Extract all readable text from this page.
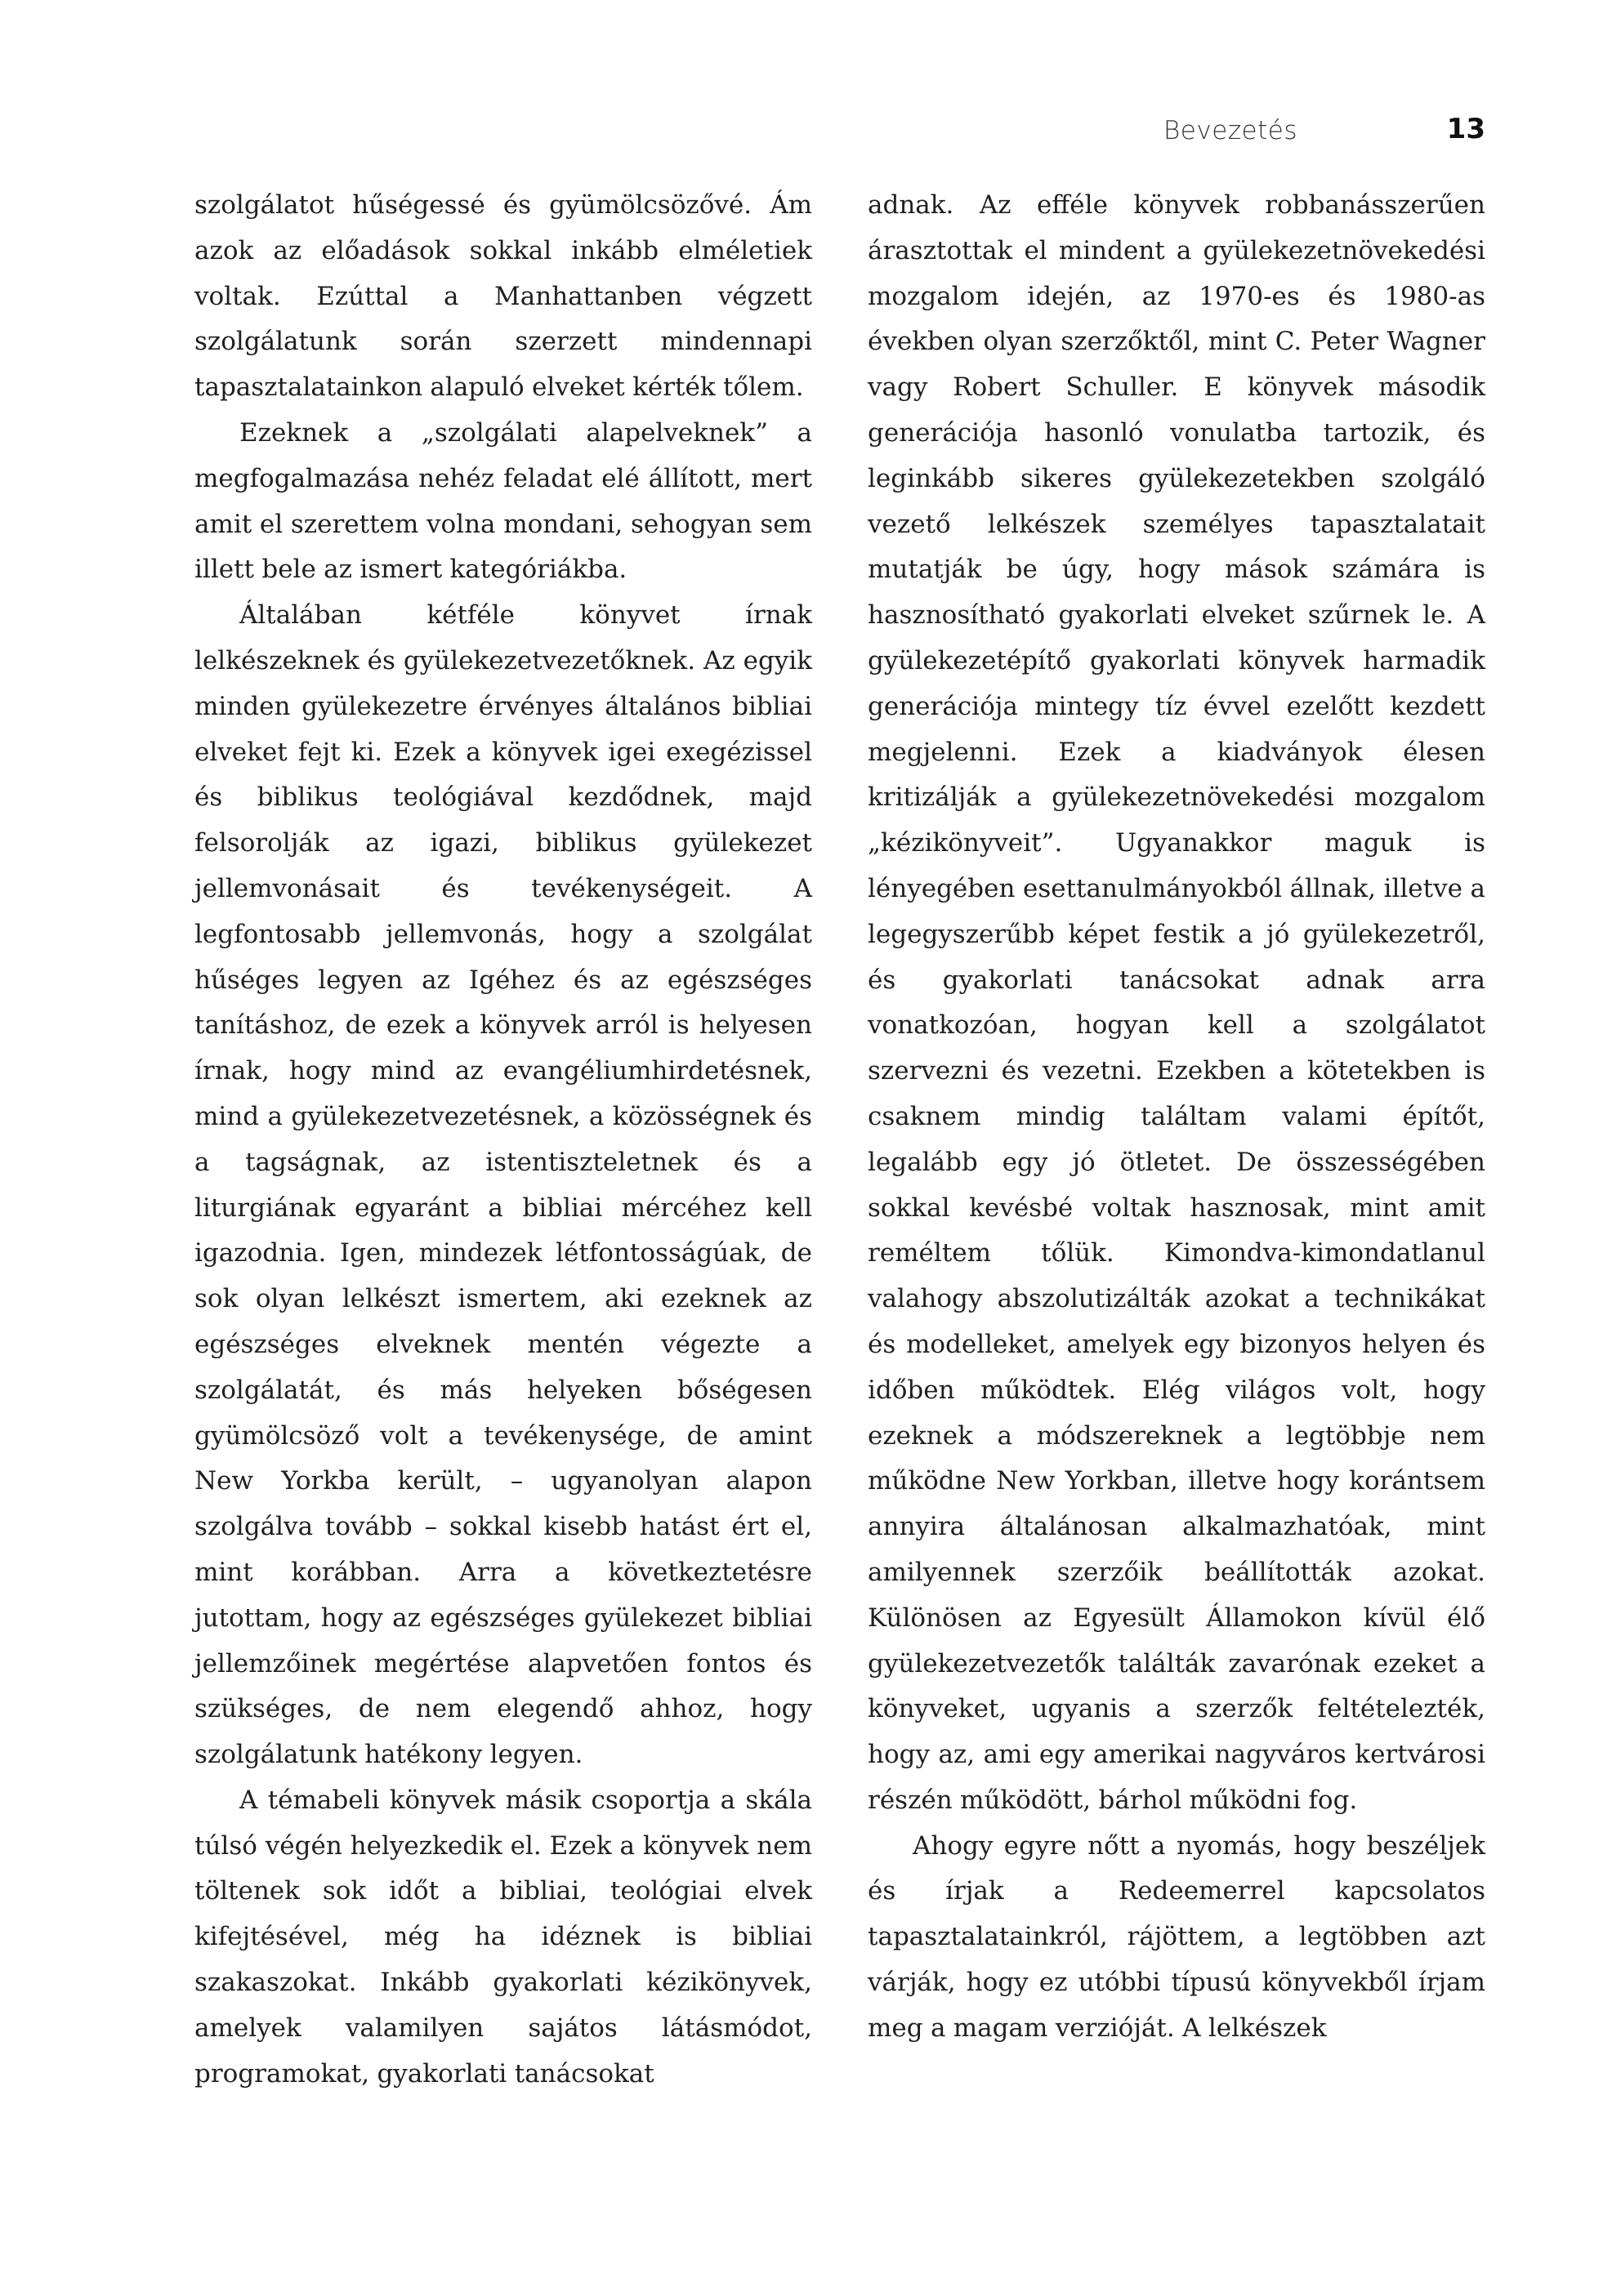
Bevezetés	13

szolgálatot hűségessé és gyümölcsözővé. Ám azok az előadások sokkal inkább elméletiek voltak. Ezúttal a Manhattanben végzett szolgálatunk során szerzett mindennapi tapasztalatainkon alapuló elveket kérték tőlem.

Ezeknek a „szolgálati alapelveknek” a megfogalmazása nehéz feladat elé állított, mert amit el szerettem volna mondani, sehogyan sem illett bele az ismert kategóriákba.

Általában kétféle könyvet írnak lelkészeknek és gyülekezetvezetőknek. Az egyik minden gyülekezetre érvényes általános bibliai elveket fejt ki. Ezek a könyvek igei exegézissel és biblikus teológiával kezdődnek, majd felsorolják az igazi, biblikus gyülekezet jellemvonásait és tevékenységeit. A legfontosabb jellemvonás, hogy a szolgálat hűséges legyen az Igéhez és az egészséges tanításhoz, de ezek a könyvek arról is helyesen írnak, hogy mind az evangéliumhirdetésnek, mind a gyülekezetvezetésnek, a közösségnek és a tagságnak, az istentiszteletnek és a liturgiának egyaránt a bibliai mércéhez kell igazodnia. Igen, mindezek létfontosságúak, de sok olyan lelkészt ismertem, aki ezeknek az egészséges elveknek mentén végezte a szolgálatát, és más helyeken bőségesen gyümölcsöző volt a tevékenysége, de amint New Yorkba került, – ugyanolyan alapon szolgálva tovább – sokkal kisebb hatást ért el, mint korábban. Arra a következtetésre jutottam, hogy az egészséges gyülekezet bibliai jellemzőinek megértése alapvetően fontos és szükséges, de nem elegendő ahhoz, hogy szolgálatunk hatékony legyen.

A témabeli könyvek másik csoportja a skála túlsó végén helyezkedik el. Ezek a könyvek nem töltenek sok időt a bibliai, teológiai elvek kifejtésével, még ha idéznek is bibliai szakaszokat. Inkább gyakorlati kézikönyvek, amelyek valamilyen sajátos látásmódot, programokat, gyakorlati tanácsokat

adnak. Az efféle könyvek robbanásszerűen árasztottak el mindent a gyülekezetnövekedési mozgalom idején, az 1970-es és 1980-as években olyan szerzőktől, mint C. Peter Wagner vagy Robert Schuller. E könyvek második generációja hasonló vonulatba tartozik, és leginkább sikeres gyülekezetekben szolgáló vezető lelkészek személyes tapasztalatait mutatják be úgy, hogy mások számára is hasznosítható gyakorlati elveket szűrnek le. A gyülekezetépítő gyakorlati könyvek harmadik generációja mintegy tíz évvel ezelőtt kezdett megjelenni. Ezek a kiadványok élesen kritizálják a gyülekezetnövekedési mozgalom „kézikönyveit”. Ugyanakkor maguk is lényegében esettanulmányokból állnak, illetve a legegyszerűbb képet festik a jó gyülekezetről, és gyakorlati tanácsokat adnak arra vonatkozóan, hogyan kell a szolgálatot szervezni és vezetni. Ezekben a kötetekben is csaknem mindig találtam valami építőt, legalább egy jó ötletet. De összességében sokkal kevésbé voltak hasznosak, mint amit reméltem tőlük. Kimondva-kimondatlanul valahogy abszolutizálták azokat a technikákat és modelleket, amelyek egy bizonyos helyen és időben működtek. Elég világos volt, hogy ezeknek a módszereknek a legtöbbje nem működne New Yorkban, illetve hogy korántsem annyira általánosan alkalmazhatóak, mint amilyennek szerzőik beállították azokat. Különösen az Egyesült Államokon kívül élő gyülekezetvezetők találták zavarónak ezeket a könyveket, ugyanis a szerzők feltételezték, hogy az, ami egy amerikai nagyváros kertvárosi részén működött, bárhol működni fog.

Ahogy egyre nőtt a nyomás, hogy beszéljek és írjak a Redeemerrel kapcsolatos tapasztalatainkról, rájöttem, a legtöbben azt várják, hogy ez utóbbi típusú könyvekből írjam meg a magam verzióját. A lelkészek
